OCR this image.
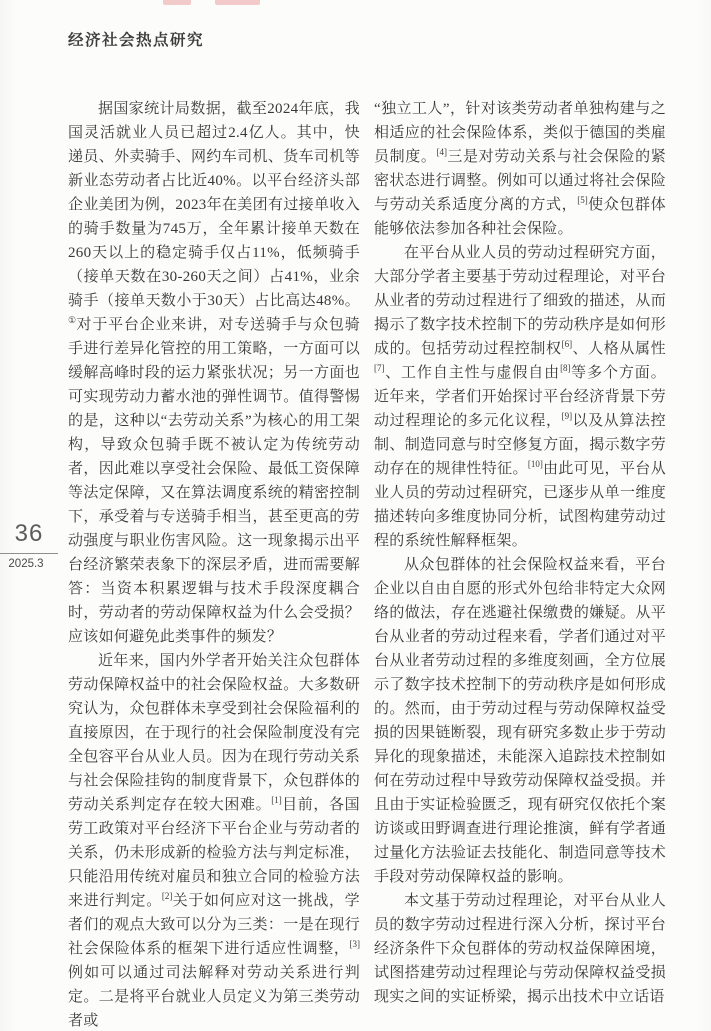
经济社会热点研究
36
2025.3

据国家统计局数据，截至2024年底，我国灵活就业人员已超过2.4亿人。其中，快递员、外卖骑手、网约车司机、货车司机等新业态劳动者占比近40%。以平台经济头部企业美团为例，2023年在美团有过接单收入的骑手数量为745万，全年累计接单天数在260天以上的稳定骑手仅占11%，低频骑手（接单天数在30-260天之间）占41%，业余骑手（接单天数小于30天）占比高达48%。①对于平台企业来讲，对专送骑手与众包骑手进行差异化管控的用工策略，一方面可以缓解高峰时段的运力紧张状况；另一方面也可实现劳动力蓄水池的弹性调节。值得警惕的是，这种以“去劳动关系”为核心的用工架构，导致众包骑手既不被认定为传统劳动者，因此难以享受社会保险、最低工资保障等法定保障，又在算法调度系统的精密控制下，承受着与专送骑手相当，甚至更高的劳动强度与职业伤害风险。这一现象揭示出平台经济繁荣表象下的深层矛盾，进而需要解答：当资本积累逻辑与技术手段深度耦合时，劳动者的劳动保障权益为什么会受损？应该如何避免此类事件的频发？

近年来，国内外学者开始关注众包群体劳动保障权益中的社会保险权益。大多数研究认为，众包群体未享受到社会保险福利的直接原因，在于现行的社会保险制度没有完全包容平台从业人员。因为在现行劳动关系与社会保险挂钩的制度背景下，众包群体的劳动关系判定存在较大困难。[1]目前，各国劳工政策对平台经济下平台企业与劳动者的关系，仍未形成新的检验方法与判定标准，只能沿用传统对雇员和独立合同的检验方法来进行判定。[2]关于如何应对这一挑战，学者们的观点大致可以分为三类：一是在现行社会保险体系的框架下进行适应性调整，[3]例如可以通过司法解释对劳动关系进行判定。二是将平台就业人员定义为第三类劳动者或

“独立工人”，针对该类劳动者单独构建与之相适应的社会保险体系，类似于德国的类雇员制度。[4]三是对劳动关系与社会保险的紧密状态进行调整。例如可以通过将社会保险与劳动关系适度分离的方式，[5]使众包群体能够依法参加各种社会保险。

在平台从业人员的劳动过程研究方面，大部分学者主要基于劳动过程理论，对平台从业者的劳动过程进行了细致的描述，从而揭示了数字技术控制下的劳动秩序是如何形成的。包括劳动过程控制权[6]、人格从属性[7]、工作自主性与虚假自由[8]等多个方面。近年来，学者们开始探讨平台经济背景下劳动过程理论的多元化议程，[9]以及从算法控制、制造同意与时空修复方面，揭示数字劳动存在的规律性特征。[10]由此可见，平台从业人员的劳动过程研究，已逐步从单一维度描述转向多维度协同分析，试图构建劳动过程的系统性解释框架。

从众包群体的社会保险权益来看，平台企业以自由自愿的形式外包给非特定大众网络的做法，存在逃避社保缴费的嫌疑。从平台从业者的劳动过程来看，学者们通过对平台从业者劳动过程的多维度刻画，全方位展示了数字技术控制下的劳动秩序是如何形成的。然而，由于劳动过程与劳动保障权益受损的因果链断裂，现有研究多数止步于劳动异化的现象描述，未能深入追踪技术控制如何在劳动过程中导致劳动保障权益受损。并且由于实证检验匮乏，现有研究仅依托个案访谈或田野调查进行理论推演，鲜有学者通过量化方法验证去技能化、制造同意等技术手段对劳动保障权益的影响。

本文基于劳动过程理论，对平台从业人员的数字劳动过程进行深入分析，探讨平台经济条件下众包群体的劳动权益保障困境，试图搭建劳动过程理论与劳动保障权益受损现实之间的实证桥梁，揭示出技术中立话语
